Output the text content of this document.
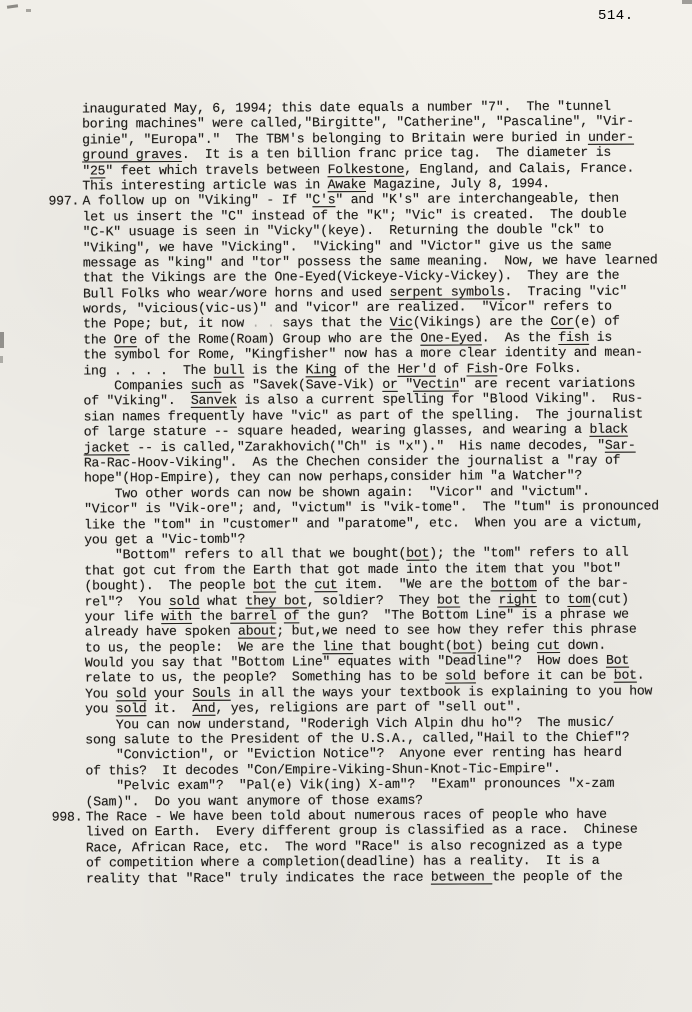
514.

inaugurated May, 6, 1994; this date equals a number "7".  The "tunnel
boring machines" were called,"Birgitte", "Catherine", "Pascaline", "Vir-
ginie", "Europa"."  The TBM's belonging to Britain were buried in under-
ground graves.  It is a ten billion franc price tag.  The diameter is
"25" feet which travels between Folkestone, England, and Calais, France.
This interesting article was in Awake Magazine, July 8, 1994.
997. A follow up on "Viking" - If "C's" and "K's" are interchangeable, then
let us insert the "C" instead of the "K"; "Vic" is created.  The double
"C-K" usuage is seen in "Vicky"(keye).  Returning the double "ck" to
"Viking", we have "Vicking".  "Vicking" and "Victor" give us the same
message as "king" and "tor" possess the same meaning.  Now, we have learned
that the Vikings are the One-Eyed(Vickeye-Vicky-Vickey).  They are the
Bull Folks who wear/wore horns and used serpent symbols.  Tracing "vic"
words, "vicious(vic-us)" and "vicor" are realized.  "Vicor" refers to
the Pope; but, it now . . says that the Vic(Vikings) are the Cor(e) of
the Ore of the Rome(Roam) Group who are the One-Eyed.  As the fish is
the symbol for Rome, "Kingfisher" now has a more clear identity and mean-
ing . . . .  The bull is the King of the Her'd of Fish-Ore Folks.
Companies such as "Savek(Save-Vik) or "Vectin" are recent variations
of "Viking".  Sanvek is also a current spelling for "Blood Viking".  Rus-
sian names frequently have "vic" as part of the spelling.  The journalist
of large stature -- square headed, wearing glasses, and wearing a black
jacket -- is called,"Zarakhovich("Ch" is "x")."  His name decodes, "Sar-
Ra-Rac-Hoov-Viking".  As the Chechen consider the journalist a "ray of
hope"(Hop-Empire), they can now perhaps,consider him "a Watcher"?
Two other words can now be shown again:  "Vicor" and "victum".
"Vicor" is "Vik-ore"; and, "victum" is "vik-tome".  The "tum" is pronounced
like the "tom" in "customer" and "paratome", etc.  When you are a victum,
you get a "Vic-tomb"?
"Bottom" refers to all that we bought(bot); the "tom" refers to all
that got cut from the Earth that got made into the item that you "bot"
(bought).  The people bot the cut item.  "We are the bottom of the bar-
rel"?  You sold what they bot, soldier?  They bot the right to tom(cut)
your life with the barrel of the gun?  "The Bottom Line" is a phrase we
already have spoken about; but,we need to see how they refer this phrase
to us, the people:  We are the line that bought(bot) being cut down.
Would you say that "Bottom Line" equates with "Deadline"?  How does Bot
relate to us, the people?  Something has to be sold before it can be bot.
You sold your Souls in all the ways your textbook is explaining to you how
you sold it.  And, yes, religions are part of "sell out".
You can now understand, "Roderigh Vich Alpin dhu ho"?  The music/
song salute to the President of the U.S.A., called,"Hail to the Chief"?
"Conviction", or "Eviction Notice"?  Anyone ever renting has heard
of this?  It decodes "Con/Empire-Viking-Shun-Knot-Tic-Empire".
"Pelvic exam"?  "Pal(e) Vik(ing) X-am"?  "Exam" pronounces "x-zam
(Sam)".  Do you want anymore of those exams?
998. The Race - We have been told about numerous races of people who have
lived on Earth.  Every different group is classified as a race.  Chinese
Race, African Race, etc.  The word "Race" is also recognized as a type
of competition where a completion(deadline) has a reality.  It is a
reality that "Race" truly indicates the race between the people of the
